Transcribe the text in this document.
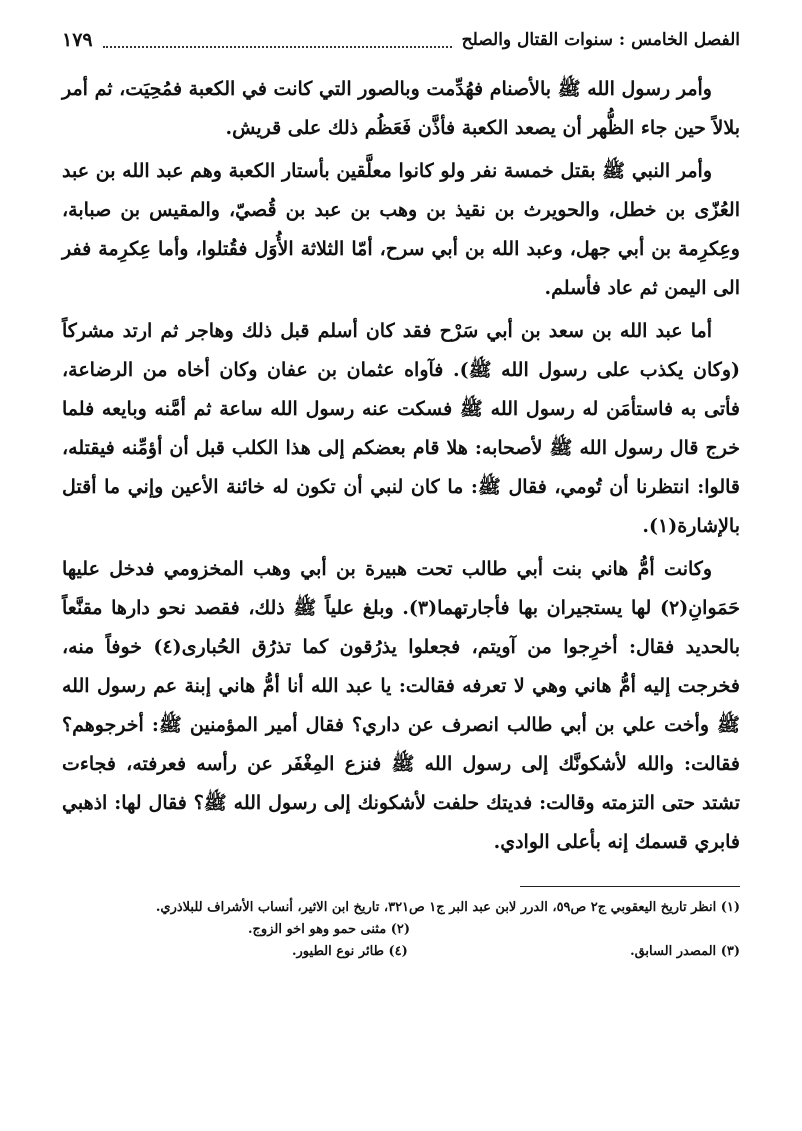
الفصل الخامس : سنوات القتال والصلح
١٧٩

وأمر رسول الله ﷺ بالأصنام فهُدِّمت وبالصور التي كانت في الكعبة فمُحِيَت، ثم أمر بلالاً حين جاء الظُّهر أن يصعد الكعبة فأذَّن فَعَظُم ذلك على قريش.

وأمر النبي ﷺ بقتل خمسة نفر ولو كانوا معلَّقين بأستار الكعبة وهم عبد الله بن عبد العُزّى بن خطل، والحويرث بن نقيذ بن وهب بن عبد بن قُصيّ، والمقيس بن صبابة، وعِكرِمة بن أبي جهل، وعبد الله بن أبي سرح، أمّا الثلاثة الأُوَل فقُتلوا، وأما عِكرِمة ففر الى اليمن ثم عاد فأسلم.

أما عبد الله بن سعد بن أبي سَرْح فقد كان أسلم قبل ذلك وهاجر ثم ارتد مشركاً (وكان يكذب على رسول الله ﷺ). فآواه عثمان بن عفان وكان أخاه من الرضاعة، فأتى به فاستأمَن له رسول الله ﷺ فسكت عنه رسول الله ساعة ثم أمَّنه وبايعه فلما خرج قال رسول الله ﷺ لأصحابه: هلا قام بعضكم إلى هذا الكلب قبل أن أؤمِّنه فيقتله، قالوا: انتظرنا أن تُومي، فقال ﷺ: ما كان لنبي أن تكون له خائنة الأعين وإني ما أقتل بالإشارة(١).

وكانت أمُّ هاني بنت أبي طالب تحت هبيرة بن أبي وهب المخزومي فدخل عليها حَمَوانِ(٢) لها يستجيران بها فأجارتهما(٣). وبلغ علياً ﷺ ذلك، فقصد نحو دارها مقنَّعاً بالحديد فقال: أخرِجوا من آويتم، فجعلوا يذرُقون كما تذرُق الحُبارى(٤) خوفاً منه، فخرجت إليه أمُّ هاني وهي لا تعرفه فقالت: يا عبد الله أنا أمُّ هاني إبنة عم رسول الله ﷺ وأخت علي بن أبي طالب انصرف عن داري؟ فقال أمير المؤمنين ﷺ: أخرجوهم؟ فقالت: والله لأشكونَّك إلى رسول الله ﷺ فنزع المِغْفَر عن رأسه فعرفته، فجاءت تشتد حتى التزمته وقالت: فديتك حلفت لأشكونك إلى رسول الله ﷺ؟ فقال لها: اذهبي فابري قسمك إنه بأعلى الوادي.

(١) انظر تاريخ اليعقوبي ج٢ ص٥٩، الدرر لابن عبد البر ج١ ص٣٢١، تاريخ ابن الاثير، أنساب الأشراف للبلاذري.
(٢) مثنى حمو وهو اخو الزوج.
(٣) المصدر السابق.
(٤) طائر نوع الطيور.
